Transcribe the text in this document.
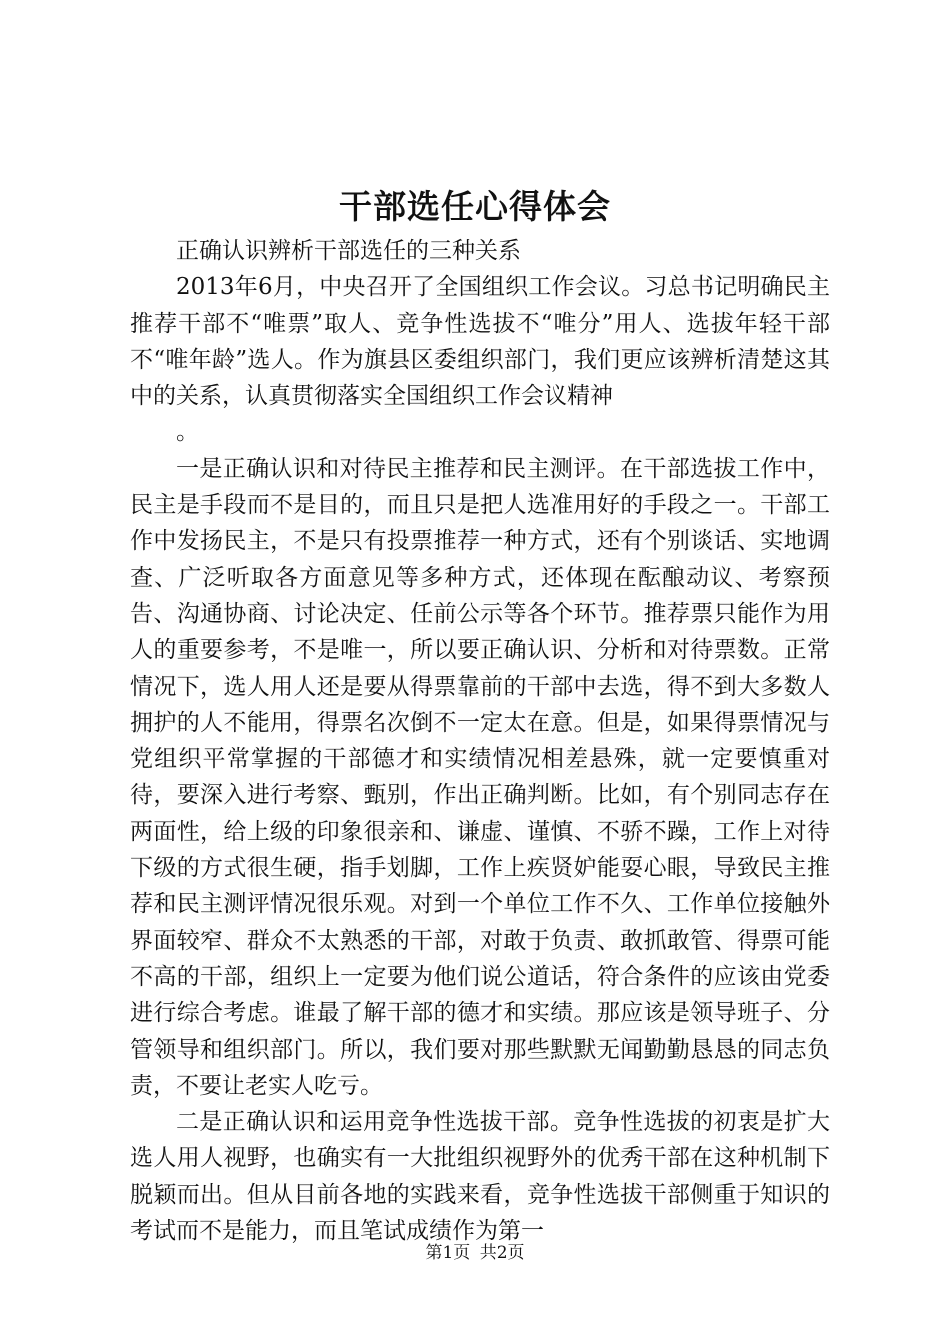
干部选任心得体会

正确认识辨析干部选任的三种关系

2013年6月，中央召开了全国组织工作会议。习总书记明确民主推荐干部不“唯票”取人、竞争性选拔不“唯分”用人、选拔年轻干部不“唯年龄”选人。作为旗县区委组织部门，我们更应该辨析清楚这其中的关系，认真贯彻落实全国组织工作会议精神

。

一是正确认识和对待民主推荐和民主测评。在干部选拔工作中，民主是手段而不是目的，而且只是把人选准用好的手段之一。干部工作中发扬民主，不是只有投票推荐一种方式，还有个别谈话、实地调查、广泛听取各方面意见等多种方式，还体现在酝酿动议、考察预告、沟通协商、讨论决定、任前公示等各个环节。推荐票只能作为用人的重要参考，不是唯一，所以要正确认识、分析和对待票数。正常情况下，选人用人还是要从得票靠前的干部中去选，得不到大多数人拥护的人不能用，得票名次倒不一定太在意。但是，如果得票情况与党组织平常掌握的干部德才和实绩情况相差悬殊，就一定要慎重对待，要深入进行考察、甄别，作出正确判断。比如，有个别同志存在两面性，给上级的印象很亲和、谦虚、谨慎、不骄不躁，工作上对待下级的方式很生硬，指手划脚，工作上疾贤妒能耍心眼，导致民主推荐和民主测评情况很乐观。对到一个单位工作不久、工作单位接触外界面较窄、群众不太熟悉的干部，对敢于负责、敢抓敢管、得票可能不高的干部，组织上一定要为他们说公道话，符合条件的应该由党委进行综合考虑。谁最了解干部的德才和实绩。那应该是领导班子、分管领导和组织部门。所以，我们要对那些默默无闻勤勤恳恳的同志负责，不要让老实人吃亏。

二是正确认识和运用竞争性选拔干部。竞争性选拔的初衷是扩大选人用人视野，也确实有一大批组织视野外的优秀干部在这种机制下脱颖而出。但从目前各地的实践来看，竞争性选拔干部侧重于知识的考试而不是能力，而且笔试成绩作为第一

第1页 共2页
